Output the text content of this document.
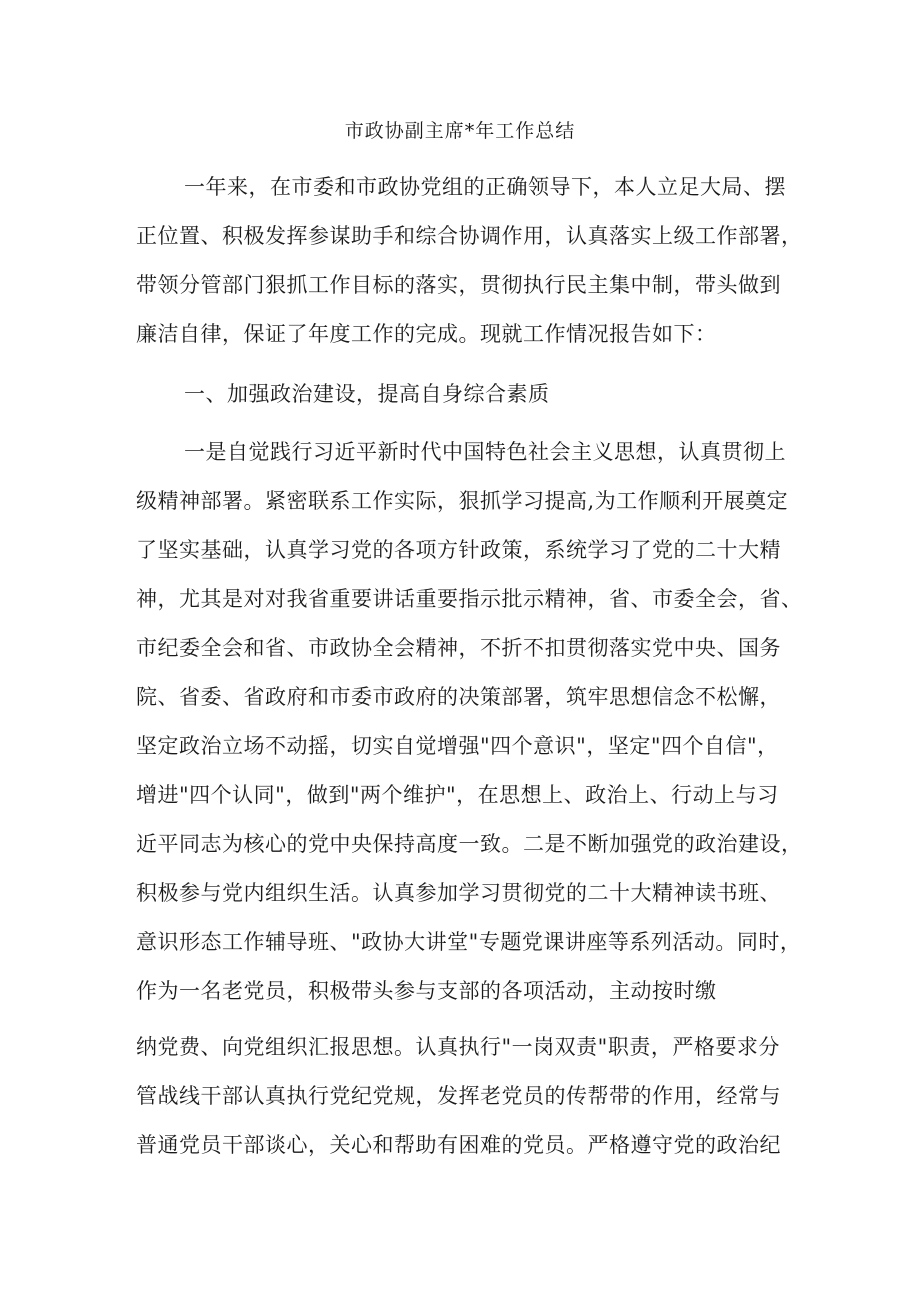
市政协副主席*年工作总结
一年来，在市委和市政协党组的正确领导下，本人立足大局、摆
正位置、积极发挥参谋助手和综合协调作用，认真落实上级工作部署，
带领分管部门狠抓工作目标的落实，贯彻执行民主集中制，带头做到
廉洁自律，保证了年度工作的完成。现就工作情况报告如下：
一、加强政治建设，提高自身综合素质
一是自觉践行习近平新时代中国特色社会主义思想，认真贯彻上
级精神部署。紧密联系工作实际，狠抓学习提高,为工作顺利开展奠定
了坚实基础，认真学习党的各项方针政策，系统学习了党的二十大精
神，尤其是对对我省重要讲话重要指示批示精神，省、市委全会，省、
市纪委全会和省、市政协全会精神，不折不扣贯彻落实党中央、国务
院、省委、省政府和市委市政府的决策部署，筑牢思想信念不松懈，
坚定政治立场不动摇，切实自觉增强"四个意识"，坚定"四个自信"，
增进"四个认同"，做到"两个维护"，在思想上、政治上、行动上与习
近平同志为核心的党中央保持高度一致。二是不断加强党的政治建设，
积极参与党内组织生活。认真参加学习贯彻党的二十大精神读书班、
意识形态工作辅导班、"政协大讲堂"专题党课讲座等系列活动。同时，
作为一名老党员，积极带头参与支部的各项活动，主动按时缴
纳党费、向党组织汇报思想。认真执行"一岗双责"职责，严格要求分
管战线干部认真执行党纪党规，发挥老党员的传帮带的作用，经常与
普通党员干部谈心，关心和帮助有困难的党员。严格遵守党的政治纪
